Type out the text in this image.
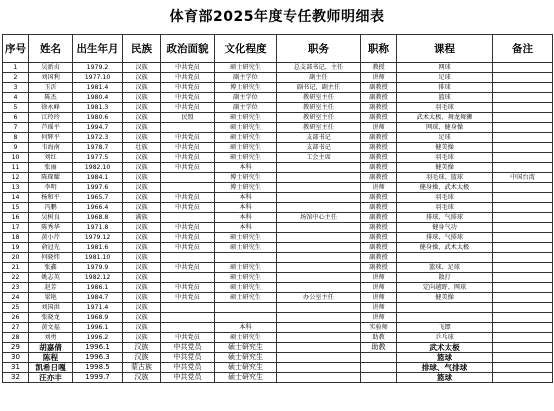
体育部2025年度专任教师明细表
序号	姓名	出生年月	民族	政治面貌	文化程度	职务	职称	课程	备注
1	吴新贞	1979.2	汉族	中共党员	硕士研究生	总支部书记、主任	教授	网球	
2	刘国利	1977.10	汉族	中共党员	副主学位	副主任	讲师	足球	
3	玉沂	1981.4	汉族	中共党员	博士研究生	副书记、副主任	副教授	排球	
4	陈杰	1980.4	汉族	中共党员	副主学位	教研室主任	副教授	篮球	
5	徐永峰	1981.3	汉族	中共党员	副主学位	教研室主任	副教授	羽毛球	
6	江玲玲	1980.6	汉族	民盟	硕士研究生	教研室主任	副教授	武术太极、舞龙舞狮	
7	芦瑶平	1994.7	汉族		硕士研究生	教研室主任	讲师	网球、健身操	
8	何辉平	1972.3	汉族	中共党员	硕士研究生	支部书记	副教授	足球	
9	韦海南	1978.7	壮族	中共党员	硕士研究生	支部书记	副教授	健美操	
10	刘红	1977.5	汉族	中共党员	硕士研究生	工会主席	副教授	羽毛球	
11	张丽	1982.10	汉族	中共党员	本科		副教授	健美操	
12	陈琛耀	1984.1	汉族		博士研究生		副教授	羽毛球、篮球	中国台湾
13	李明	1997.6	汉族		博士研究生		讲师	健身操、武术太极	
14	杨和平	1965.7	汉族	中共党员	本科		副教授	羽毛球	
15	冯鹏	1966.4	汉族	中共党员	本科		副教授	羽毛球	
16	吴树良	1968.8	满族		本科	场馆中心主任	副教授	排球、气排球	
17	陈秀华	1971.8	汉族	中共党员	本科		副教授	健身气功	
18	黄小芹	1979.12	汉族	中共党员	硕士研究生		副教授	排球、气排球	
19	俞冠光	1981.6	汉族	中共党员	硕士研究生		副教授	健身操、武术太极	
20	何晓炜	1981.10	汉族				副教授		
21	张鑫	1979.9	汉族	中共党员	硕士研究生		副教授	篮球、足球	
22	姚志英	1982.12	汉族		硕士研究生		讲师	散打	
23	赵芳	1986.1	汉族	中共党员	硕士研究生		讲师	定向越野、网球	
24	梁艳	1984.7	汉族	中共党员	硕士研究生	办公室主任	讲师	健美操	
25	刘国洪	1971.4	汉族				讲师		
26	张晓龙	1968.9	汉族				讲师		
27	黄文福	1996.1	汉族		本科		实验师	飞镖	
28	刘勇	1996.2	汉族	中共党员	硕士研究生		助教	乒乓球	
29	胡嘉倩	1996.1	汉族	中共党员	硕士研究生		助教	武术太极	
30	陈程	1996.3	汉族	中共党员	硕士研究生			篮球	
31	凯希日嘎	1998.5	蒙古族	中共党员	硕士研究生			排球、气排球	
32	汪亦丰	1999.7	汉族	中共党员	硕士研究生			篮球	
